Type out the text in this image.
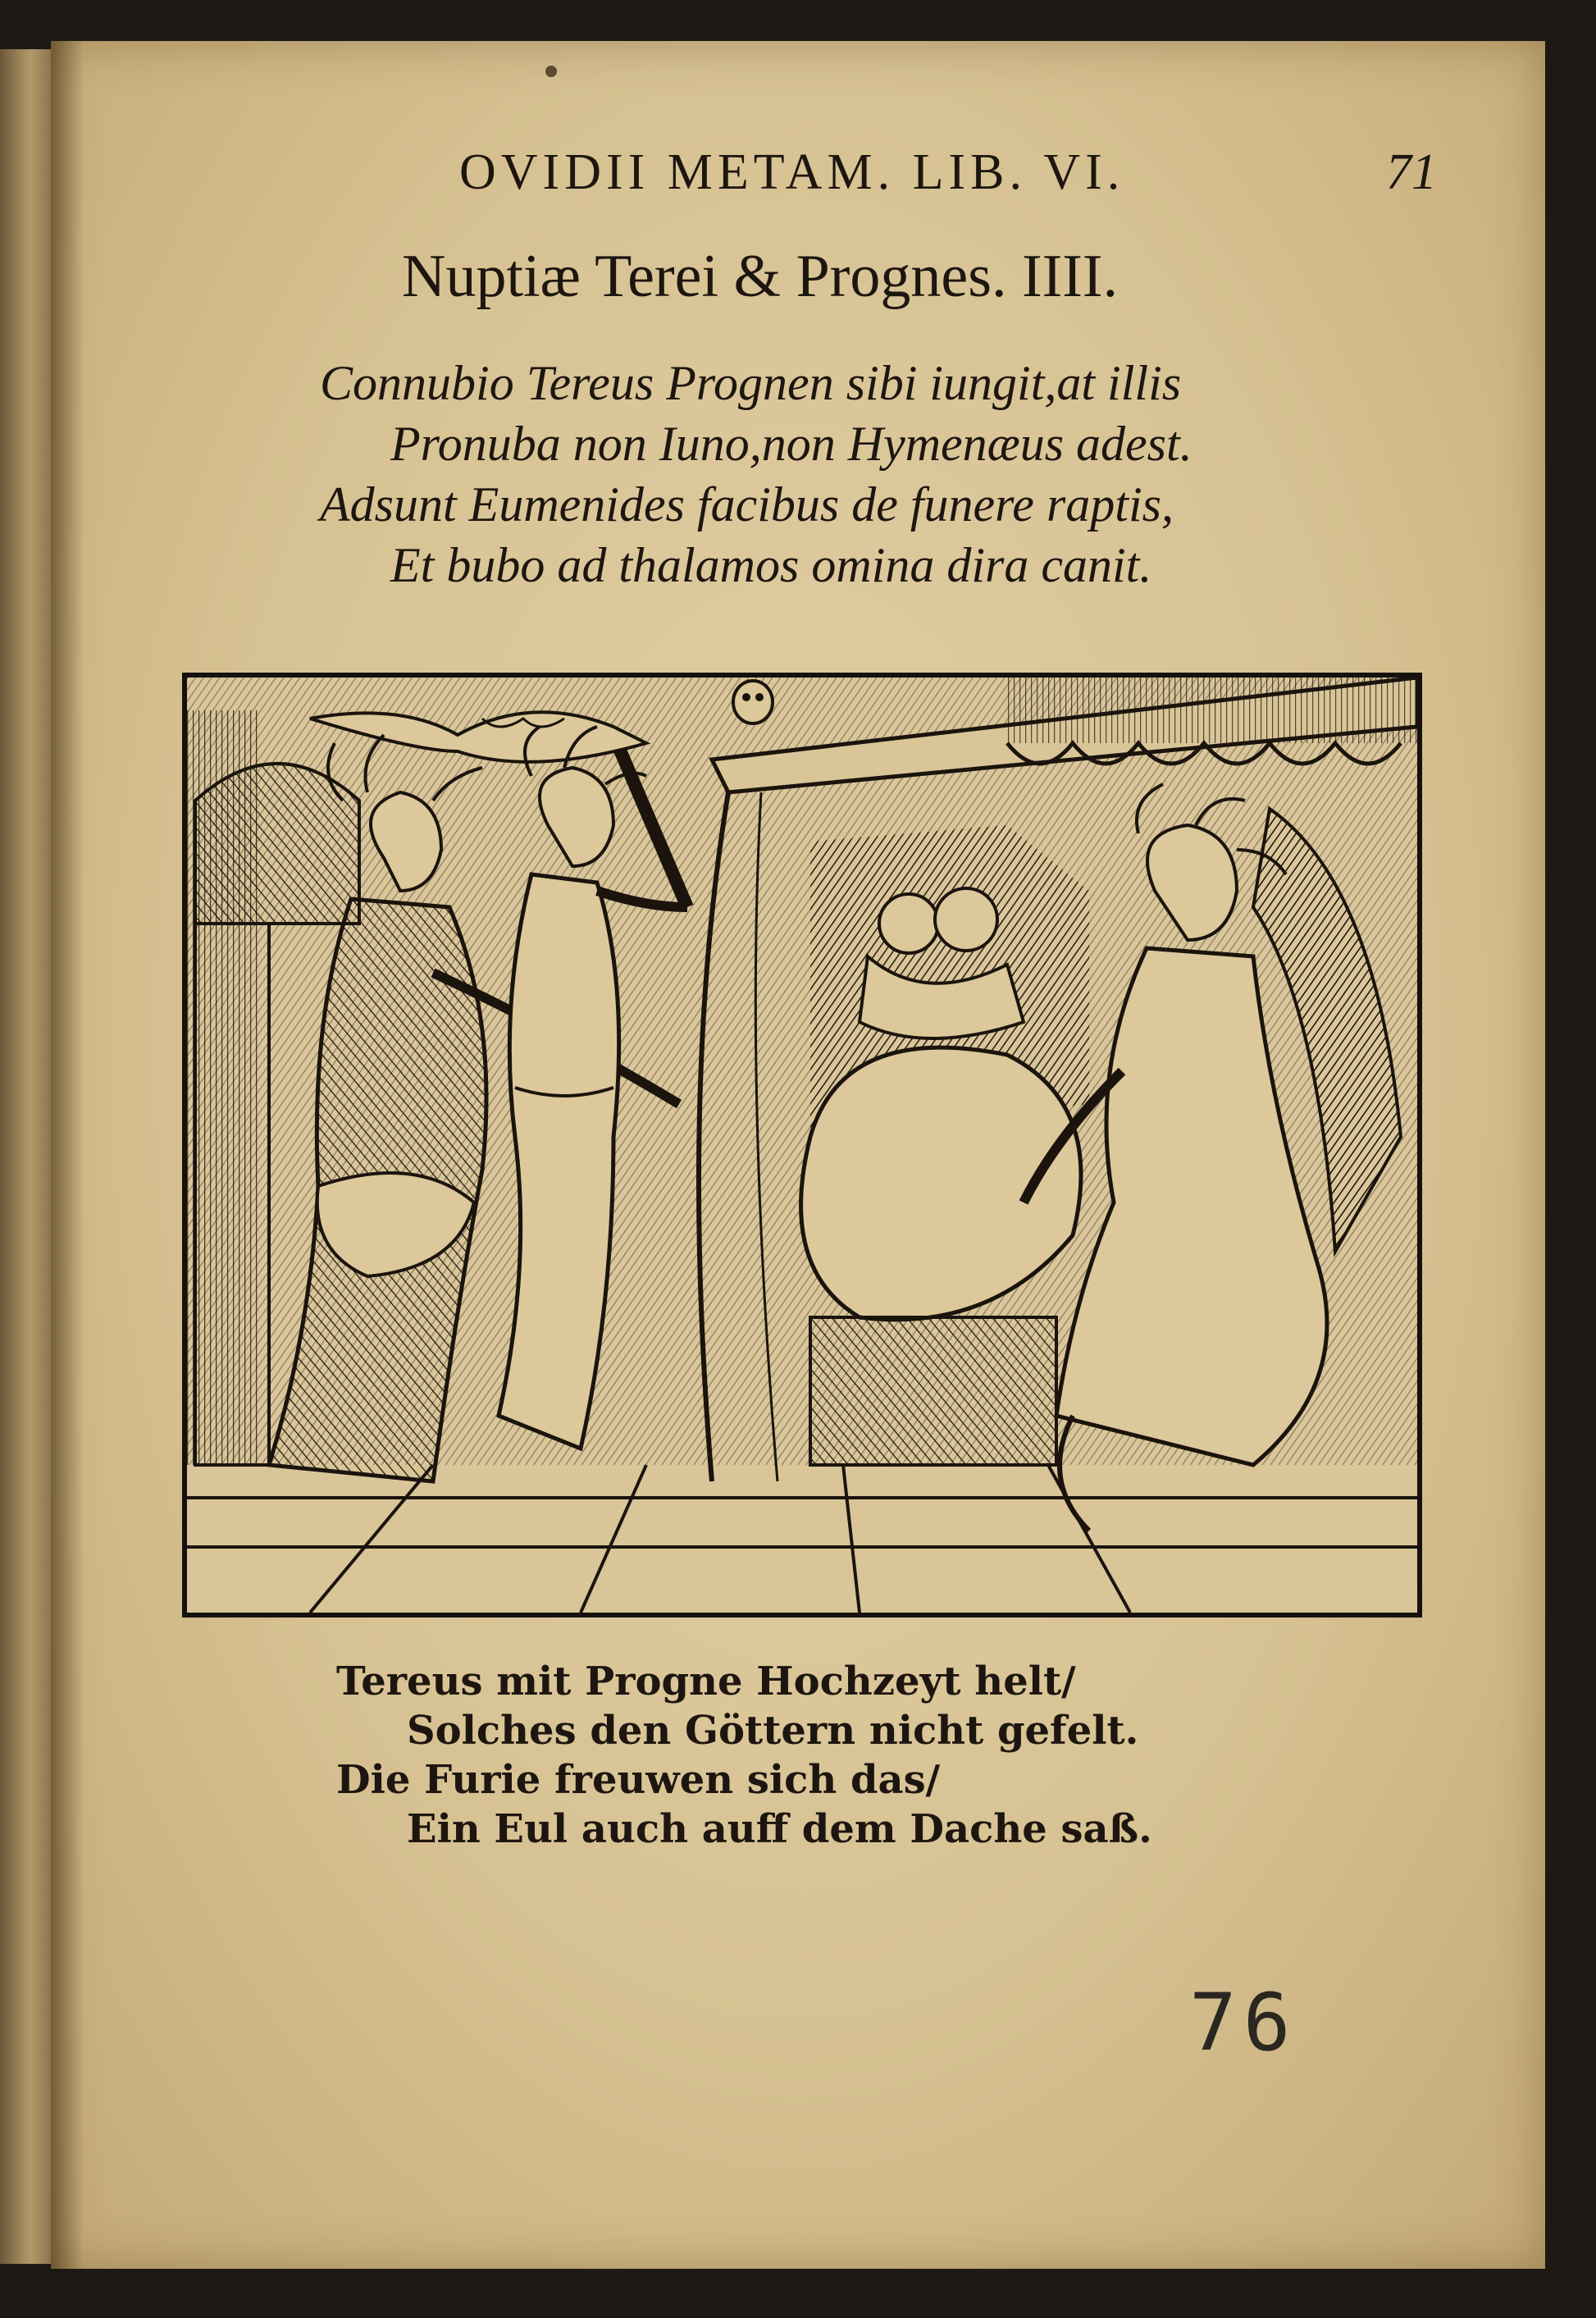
OVIDII METAM. LIB. VI.	71
Nuptiæ Terei & Prognes. IIII.
Connubio Tereus Prognen sibi iungit,at illis
Pronuba non Iuno,non Hymenæus adest.
Adsunt Eumenides facibus de funere raptis,
Et bubo ad thalamos omina dira canit.
Tereus mit Progne Hochzeyt helt/
Solches den Göttern nicht gefelt.
Die Furie freuwen sich das/
Ein Eul auch auff dem Dache saß.
76
